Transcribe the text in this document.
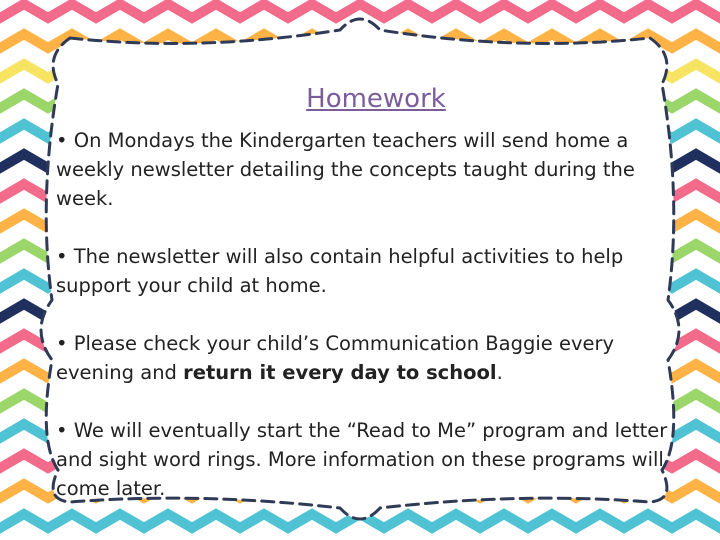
Homework
• On Mondays the Kindergarten teachers will send home a weekly newsletter detailing the concepts taught during the week.
• The newsletter will also contain helpful activities to help support your child at home.
• Please check your child’s Communication Baggie every evening and return it every day to school.
• We will eventually start the “Read to Me” program and letter and sight word rings. More information on these programs will come later.
